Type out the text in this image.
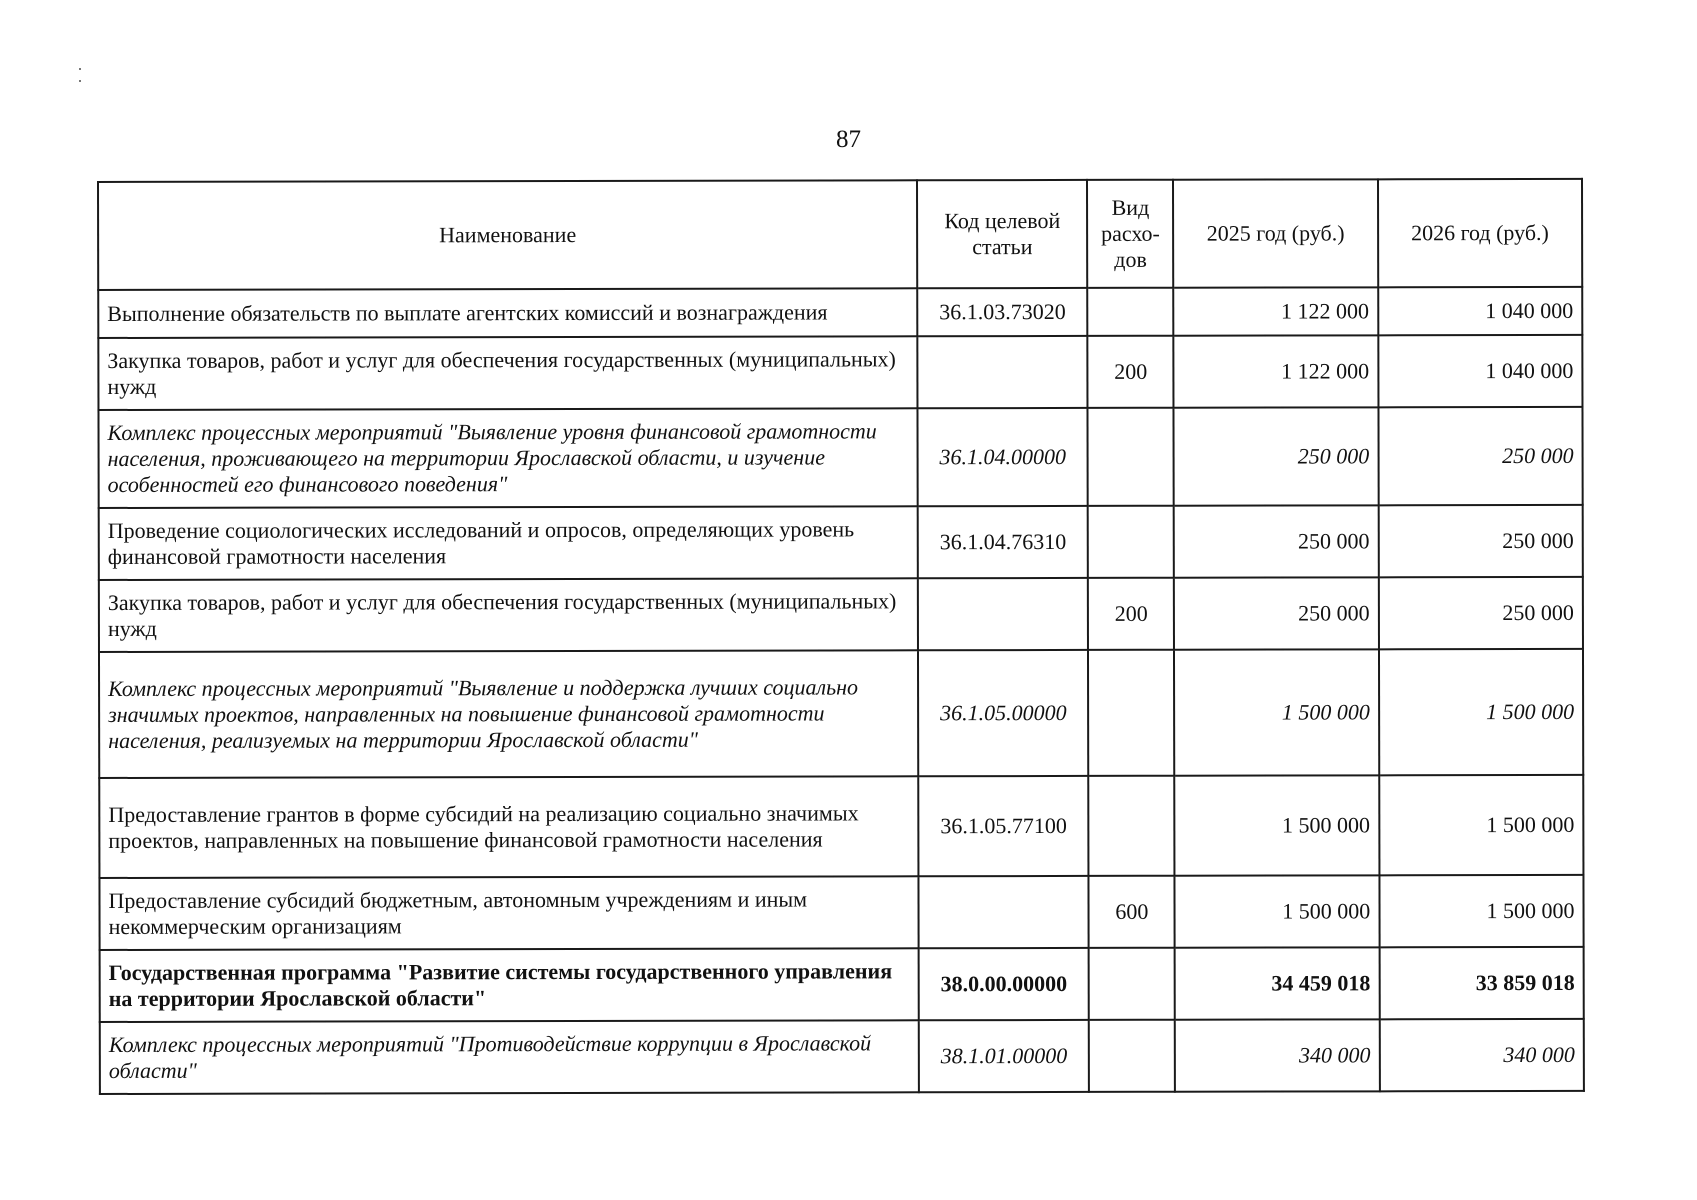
87
Наименование	Код целевой статьи	Вид расхо-дов	2025 год (руб.)	2026 год (руб.)
Выполнение обязательств по выплате агентских комиссий и вознаграждения	36.1.03.73020		1 122 000	1 040 000
Закупка товаров, работ и услуг для обеспечения государственных (муниципальных) нужд		200	1 122 000	1 040 000
Комплекс процессных мероприятий "Выявление уровня финансовой грамотности населения, проживающего на территории Ярославской области, и изучение особенностей его финансового поведения"	36.1.04.00000		250 000	250 000
Проведение социологических исследований и опросов, определяющих уровень финансовой грамотности населения	36.1.04.76310		250 000	250 000
Закупка товаров, работ и услуг для обеспечения государственных (муниципальных) нужд		200	250 000	250 000
Комплекс процессных мероприятий "Выявление и поддержка лучших социально значимых проектов, направленных на повышение финансовой грамотности населения, реализуемых на территории Ярославской области"	36.1.05.00000		1 500 000	1 500 000
Предоставление грантов в форме субсидий на реализацию социально значимых проектов, направленных на повышение финансовой грамотности населения	36.1.05.77100		1 500 000	1 500 000
Предоставление субсидий бюджетным, автономным учреждениям и иным некоммерческим организациям		600	1 500 000	1 500 000
Государственная программа "Развитие системы государственного управления на территории Ярославской области"	38.0.00.00000		34 459 018	33 859 018
Комплекс процессных мероприятий "Противодействие коррупции в Ярославской области"	38.1.01.00000		340 000	340 000
